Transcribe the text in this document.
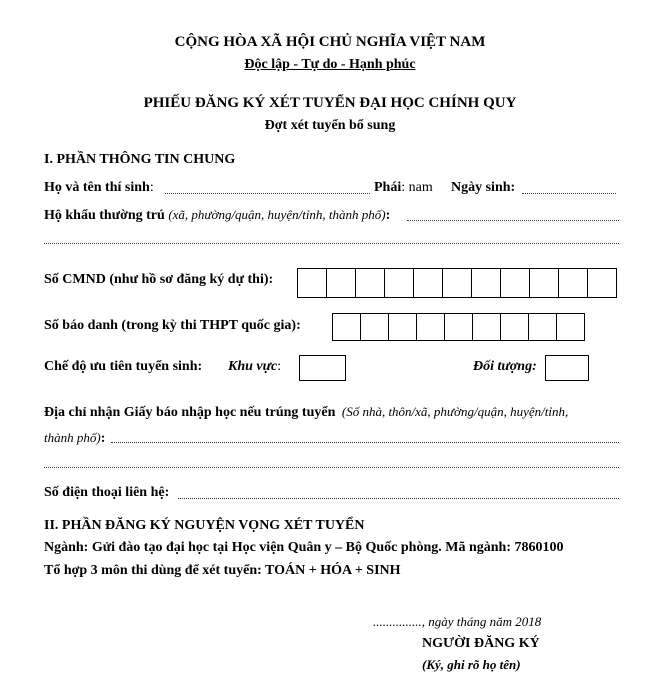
CỘNG HÒA XÃ HỘI CHỦ NGHĨA VIỆT NAM
Độc lập - Tự do - Hạnh phúc
PHIẾU ĐĂNG KÝ XÉT TUYỂN ĐẠI HỌC CHÍNH QUY
Đợt xét tuyển bổ sung
I. PHẦN THÔNG TIN CHUNG
Họ và tên thí sinh:	Phái: nam Ngày sinh:
Hộ khẩu thường trú (xã, phường/quận, huyện/tỉnh, thành phố):
Số CMND (như hồ sơ đăng ký dự thi):
Số báo danh (trong kỳ thi THPT quốc gia):
Chế độ ưu tiên tuyển sinh: Khu vực:	Đối tượng:
Địa chỉ nhận Giấy báo nhập học nếu trúng tuyển (Số nhà, thôn/xã, phường/quận, huyện/tỉnh,
thành phố):
Số điện thoại liên hệ:
II. PHẦN ĐĂNG KÝ NGUYỆN VỌNG XÉT TUYỂN
Ngành: Gửi đào tạo đại học tại Học viện Quân y – Bộ Quốc phòng. Mã ngành: 7860100
Tổ hợp 3 môn thi dùng để xét tuyển: TOÁN + HÓA + SINH
..............., ngày tháng năm 2018
NGƯỜI ĐĂNG KÝ
(Ký, ghi rõ họ tên)
